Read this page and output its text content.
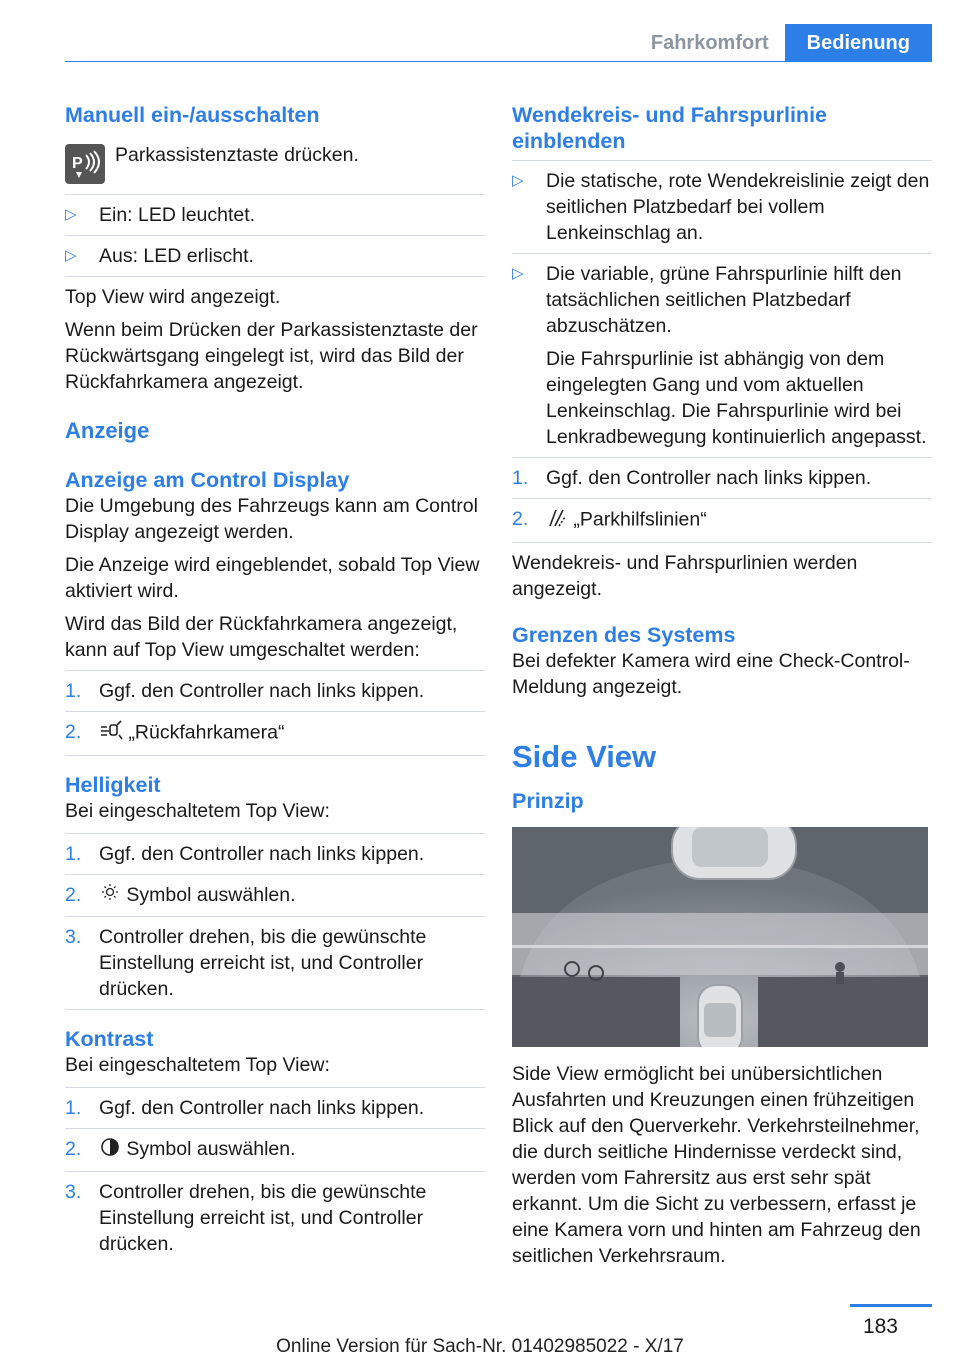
Fahrkomfort	Bedienung
Manuell ein-/ausschalten
P Parkassistenztaste drücken.
▷	Ein: LED leuchtet.
▷	Aus: LED erlischt.

Top View wird angezeigt.

Wenn beim Drücken der Parkassistenztaste der Rückwärtsgang eingelegt ist, wird das Bild der Rückfahrkamera angezeigt.

Anzeige
Anzeige am Control Display

Die Umgebung des Fahrzeugs kann am Control Display angezeigt werden.

Die Anzeige wird eingeblendet, sobald Top View aktiviert wird.

Wird das Bild der Rückfahrkamera angezeigt, kann auf Top View umgeschaltet werden:

1. Ggf. den Controller nach links kippen.
2.	„Rückfahrkamera“
Helligkeit

Bei eingeschaltetem Top View:

1. Ggf. den Controller nach links kippen.
2.	Symbol auswählen.
3. Controller drehen, bis die gewünschte Einstellung erreicht ist, und Controller drücken.
Kontrast

Bei eingeschaltetem Top View:

1. Ggf. den Controller nach links kippen.
2.	Symbol auswählen.
3. Controller drehen, bis die gewünschte Einstellung erreicht ist, und Controller drücken.
Wendekreis- und Fahrspurlinie einblenden
▷	Die statische, rote Wendekreislinie zeigt den seitlichen Platzbedarf bei vollem Lenkeinschlag an.
▷	Die variable, grüne Fahrspurlinie hilft den tatsächlichen seitlichen Platzbedarf abzuschätzen.
Die Fahrspurlinie ist abhängig von dem eingelegten Gang und vom aktuellen Lenkeinschlag. Die Fahrspurlinie wird bei Lenkradbewegung kontinuierlich angepasst.
1. Ggf. den Controller nach links kippen.
2.	„Parkhilfslinien“

Wendekreis- und Fahrspurlinien werden angezeigt.

Grenzen des Systems

Bei defekter Kamera wird eine Check-Control-Meldung angezeigt.

Side View
Prinzip

Side View ermöglicht bei unübersichtlichen Ausfahrten und Kreuzungen einen frühzeitigen Blick auf den Querverkehr. Verkehrsteilnehmer, die durch seitliche Hindernisse verdeckt sind, werden vom Fahrersitz aus erst sehr spät erkannt. Um die Sicht zu verbessern, erfasst je eine Kamera vorn und hinten am Fahrzeug den seitlichen Verkehrsraum.

183
Online Version für Sach-Nr. 01402985022 - X/17
